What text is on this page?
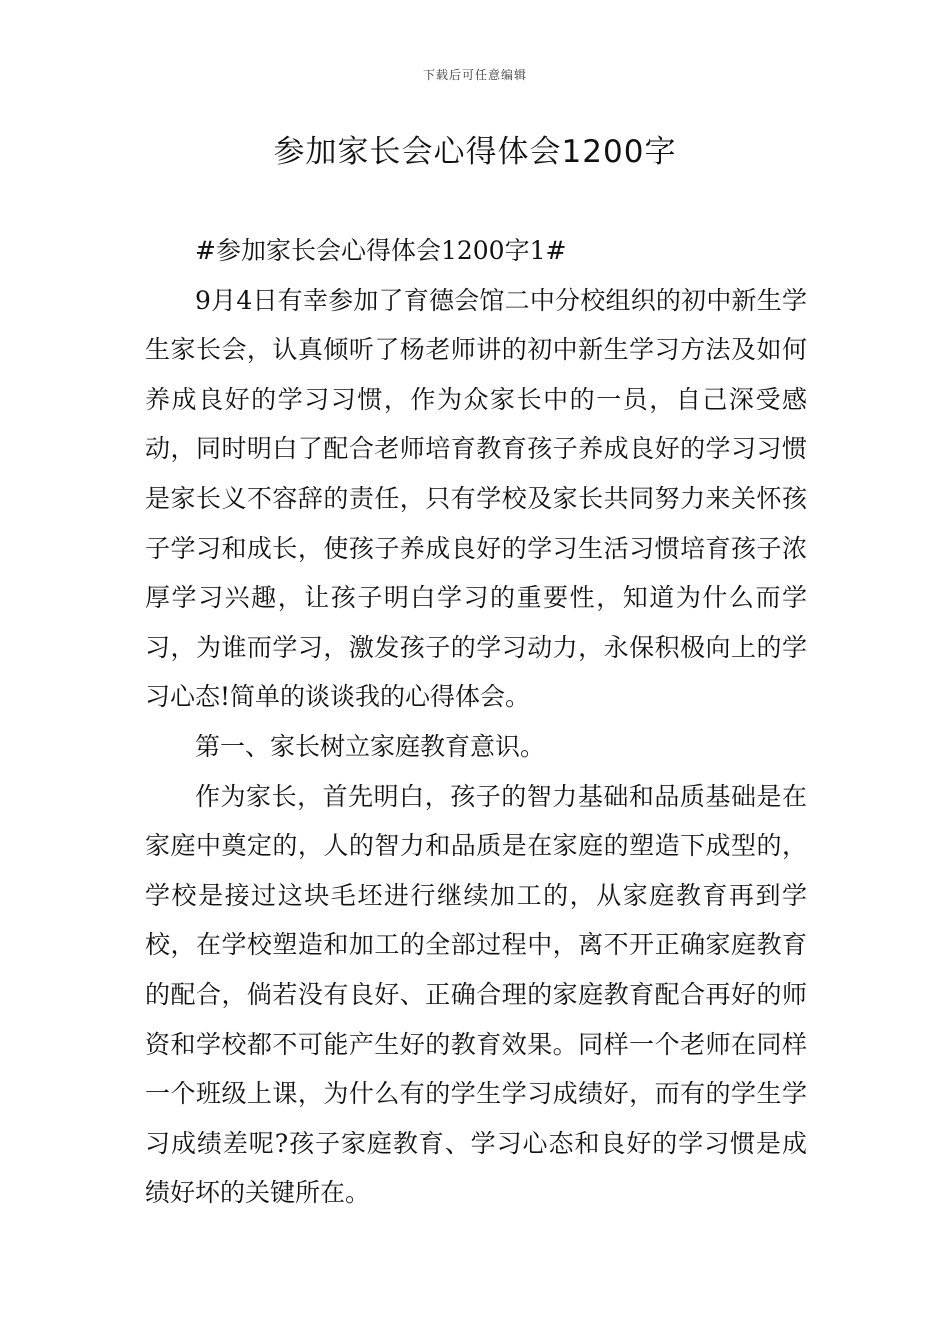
下载后可任意编辑
参加家长会心得体会1200字

#参加家长会心得体会1200字1#

9月4日有幸参加了育德会馆二中分校组织的初中新生学生家长会，认真倾听了杨老师讲的初中新生学习方法及如何养成良好的学习习惯，作为众家长中的一员，自己深受感动，同时明白了配合老师培育教育孩子养成良好的学习习惯是家长义不容辞的责任，只有学校及家长共同努力来关怀孩子学习和成长，使孩子养成良好的学习生活习惯培育孩子浓厚学习兴趣，让孩子明白学习的重要性，知道为什么而学习，为谁而学习，激发孩子的学习动力，永保积极向上的学习心态!简单的谈谈我的心得体会。

第一、家长树立家庭教育意识。

作为家长，首先明白，孩子的智力基础和品质基础是在家庭中奠定的，人的智力和品质是在家庭的塑造下成型的，学校是接过这块毛坯进行继续加工的，从家庭教育再到学校，在学校塑造和加工的全部过程中，离不开正确家庭教育的配合，倘若没有良好、正确合理的家庭教育配合再好的师资和学校都不可能产生好的教育效果。同样一个老师在同样一个班级上课，为什么有的学生学习成绩好，而有的学生学习成绩差呢?孩子家庭教育、学习心态和良好的学习惯是成绩好坏的关键所在。
